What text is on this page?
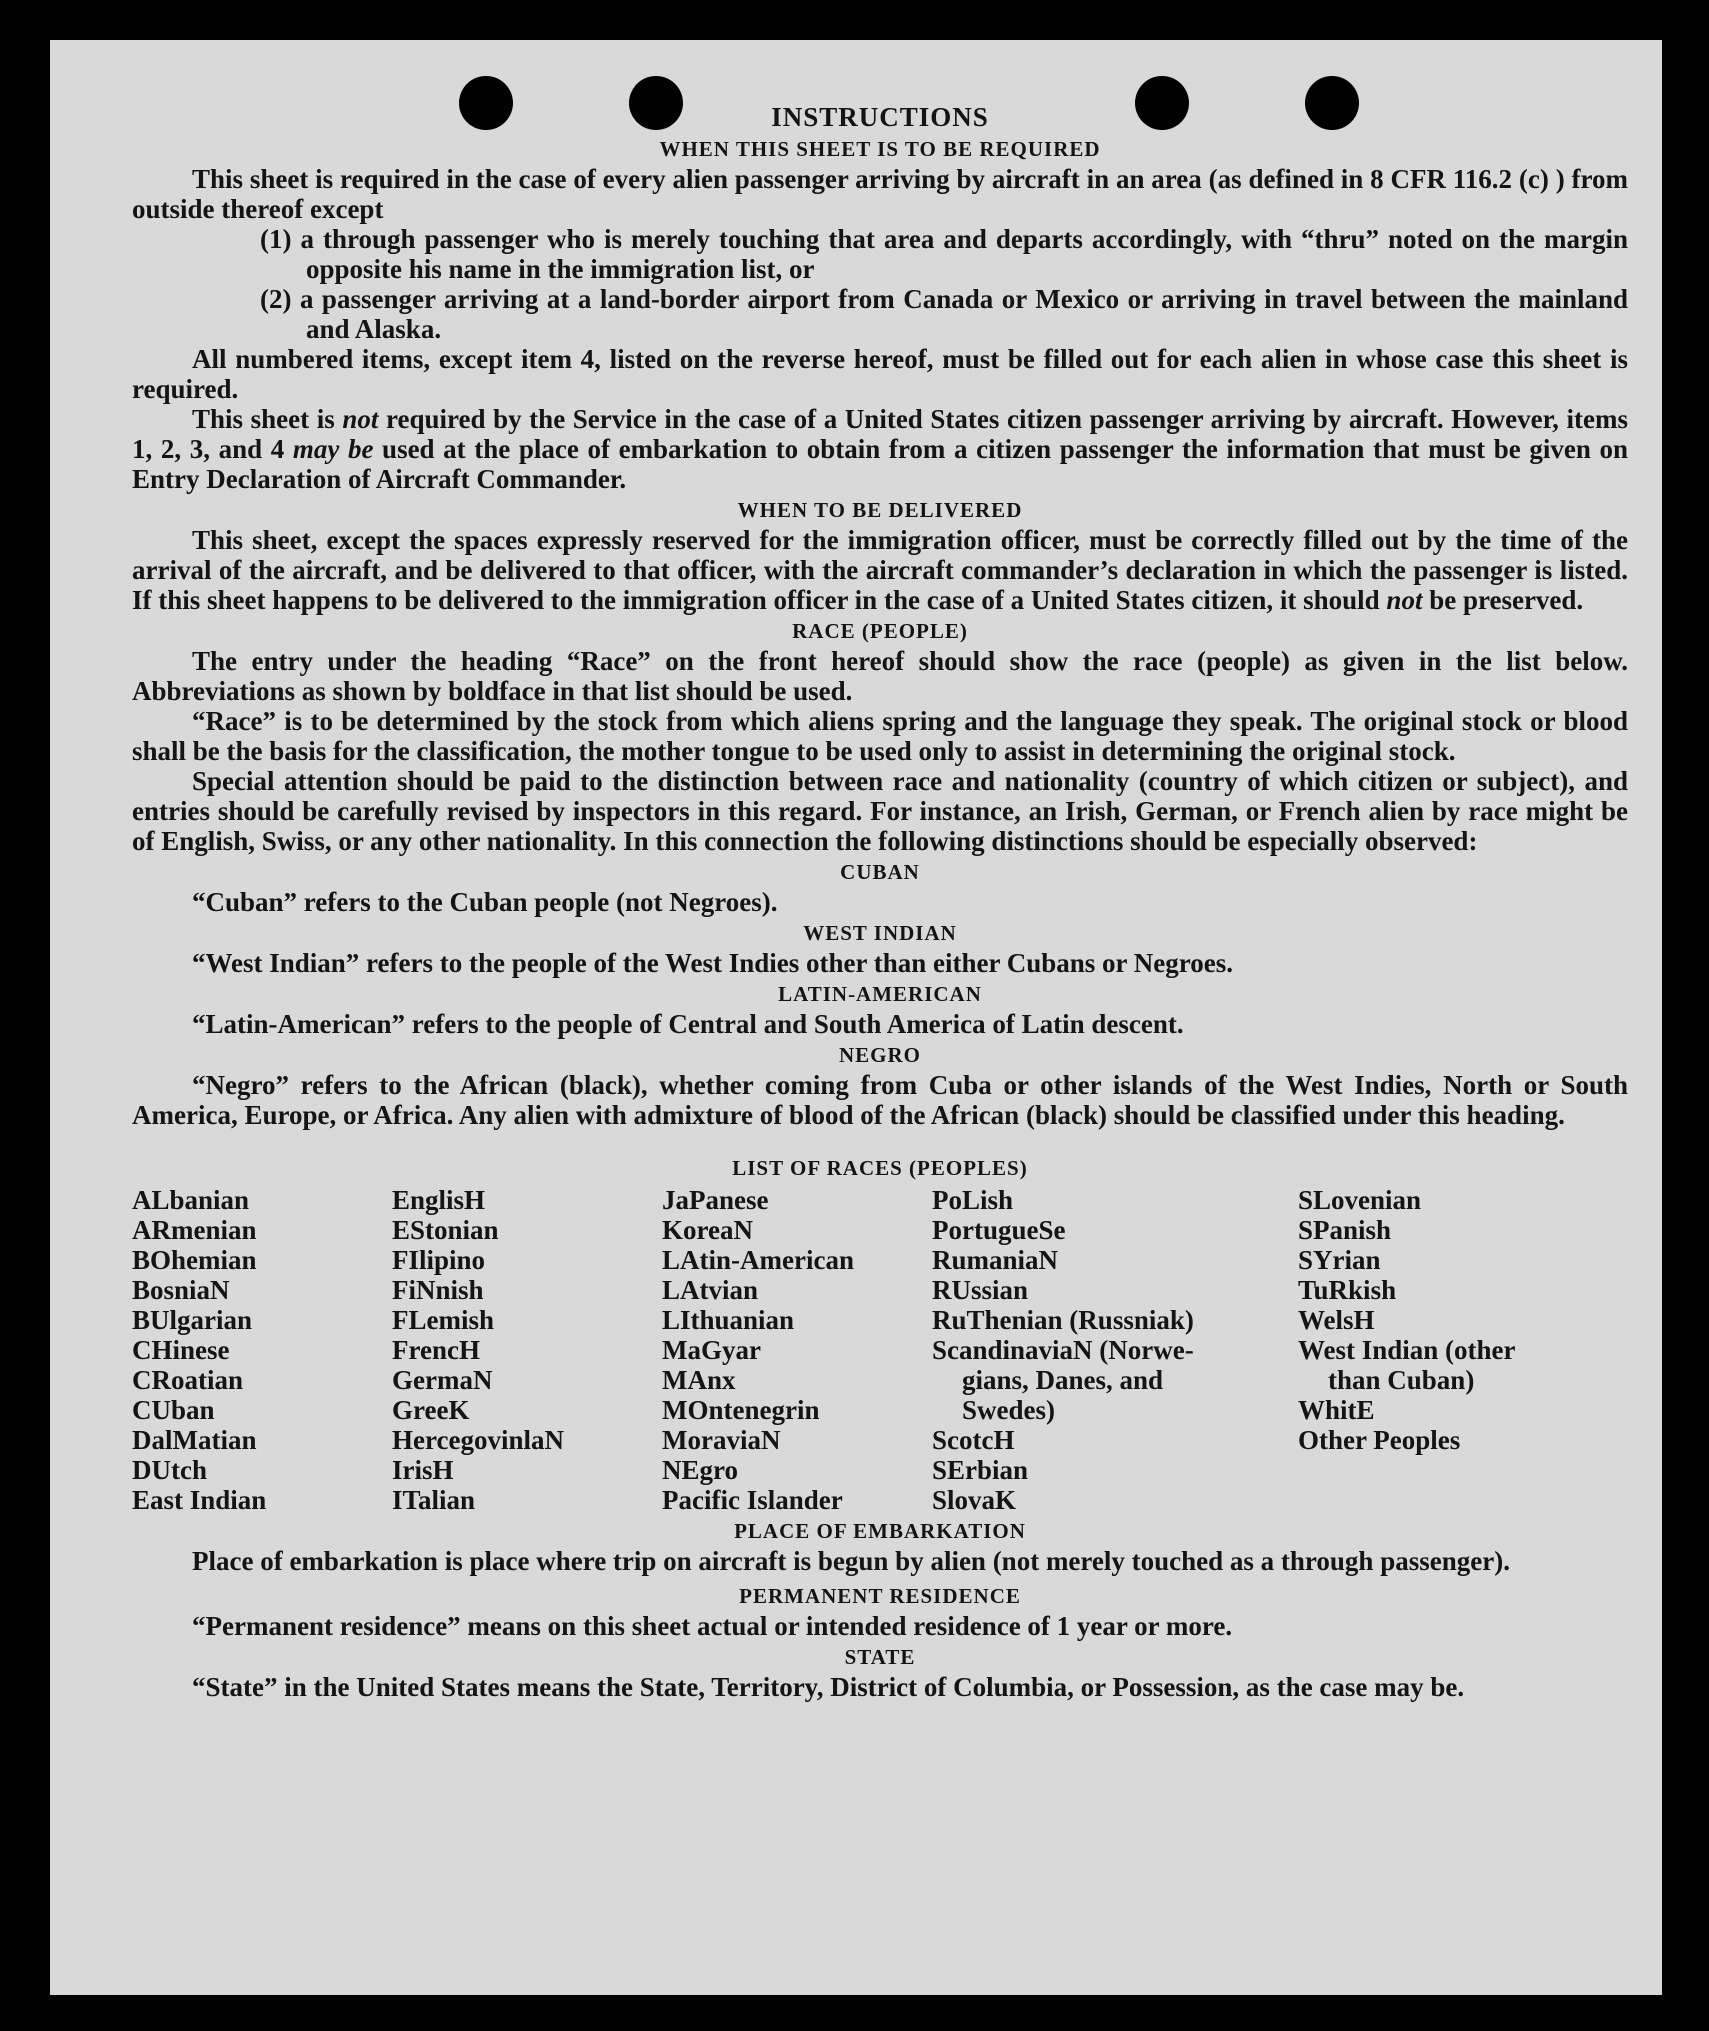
INSTRUCTIONS
WHEN THIS SHEET IS TO BE REQUIRED

This sheet is required in the case of every alien passenger arriving by aircraft in an area (as defined in 8 CFR 116.2 (c) ) from outside thereof except

(1) a through passenger who is merely touching that area and departs accordingly, with “thru” noted on the margin opposite his name in the immigration list, or

(2) a passenger arriving at a land-border airport from Canada or Mexico or arriving in travel between the mainland and Alaska.

All numbered items, except item 4, listed on the reverse hereof, must be filled out for each alien in whose case this sheet is required.

This sheet is not required by the Service in the case of a United States citizen passenger arriving by aircraft. However, items 1, 2, 3, and 4 may be used at the place of embarkation to obtain from a citizen passenger the information that must be given on Entry Declaration of Aircraft Commander.

WHEN TO BE DELIVERED

This sheet, except the spaces expressly reserved for the immigration officer, must be correctly filled out by the time of the arrival of the aircraft, and be delivered to that officer, with the aircraft commander’s declaration in which the passenger is listed. If this sheet happens to be delivered to the immigration officer in the case of a United States citizen, it should not be preserved.

RACE (PEOPLE)

The entry under the heading “Race” on the front hereof should show the race (people) as given in the list below. Abbreviations as shown by boldface in that list should be used.

“Race” is to be determined by the stock from which aliens spring and the language they speak. The original stock or blood shall be the basis for the classification, the mother tongue to be used only to assist in determining the original stock.

Special attention should be paid to the distinction between race and nationality (country of which citizen or subject), and entries should be carefully revised by inspectors in this regard. For instance, an Irish, German, or French alien by race might be of English, Swiss, or any other nationality. In this connection the following distinctions should be especially observed:

CUBAN

“Cuban” refers to the Cuban people (not Negroes).

WEST INDIAN

“West Indian” refers to the people of the West Indies other than either Cubans or Negroes.

LATIN-AMERICAN

“Latin-American” refers to the people of Central and South America of Latin descent.

NEGRO

“Negro” refers to the African (black), whether coming from Cuba or other islands of the West Indies, North or South America, Europe, or Africa. Any alien with admixture of blood of the African (black) should be classified under this heading.

LIST OF RACES (PEOPLES)
ALbanian
ARmenian
BOhemian
BosniaN
BUlgarian
CHinese
CRoatian
CUban
DalMatian
DUtch
East Indian
EnglisH
EStonian
FIlipino
FiNnish
FLemish
FrencH
GermaN
GreeK
HercegovinlaN
IrisH
ITalian
JaPanese
KoreaN
LAtin-American
LAtvian
LIthuanian
MaGyar
MAnx
MOntenegrin
MoraviaN
NEgro
Pacific Islander
PoLish
PortugueSe
RumaniaN
RUssian
RuThenian (Russniak)
ScandinaviaN (Norwe-
gians, Danes, and
Swedes)
ScotcH
SErbian
SlovaK
SLovenian
SPanish
SYrian
TuRkish
WelsH
West Indian (other
than Cuban)
WhitE
Other Peoples
PLACE OF EMBARKATION

Place of embarkation is place where trip on aircraft is begun by alien (not merely touched as a through passenger).

PERMANENT RESIDENCE

“Permanent residence” means on this sheet actual or intended residence of 1 year or more.

STATE

“State” in the United States means the State, Territory, District of Columbia, or Possession, as the case may be.
